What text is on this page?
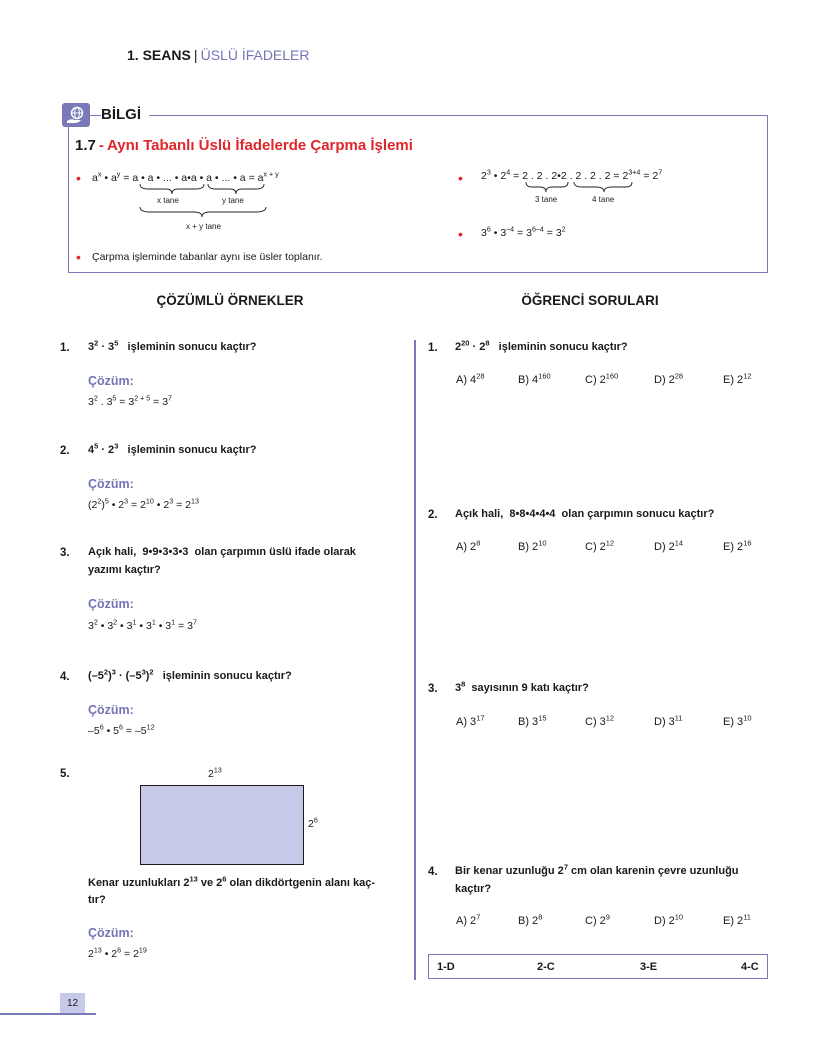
1. SEANS | ÜSLÜ İFADELER
BİLGİ
1.7 - Aynı Tabanlı Üslü İfadelerde Çarpma İşlemi
• $a^x$ • $a^y = a$ • a • ... • a•a • a • ... • $a = a^{x + y}$
x tane	y tane
x + y tane
• $2^3$ • $2^4 = 2$ . 2 . 2•2 . 2 . 2 . $2 = 2^{3+4} = 2^7$
3 tane	4 tane
• $3^6$ • $3^{-4} = 3^{6-4} = 3^2$
• Çarpma işleminde tabanlar aynı ise üsler toplanır.
ÇÖZÜMLÜ ÖRNEKLER	ÖĞRENCİ SORULARI
1. $3^2 \cdot 3^5$ işleminin sonucu kaçtır?
Çözüm:
$3^2$ . $3^5 = 3^{2 + 5} = 3^7$
2. $4^5 \cdot 2^3$ işleminin sonucu kaçtır?
Çözüm:
$(2^2)^5$ • $2^3 = 2^{10}$ • $2^3 = 2^{13}$
3. Açık hali, 9•9•3•3•3 olan çarpımın üslü ifade olarak
yazımı kaçtır?
Çözüm:
$3^2$ • $3^2$ • $3^1$ • $3^1$ • $3^1 = 3^7$
4. $(-5^2)^3 \cdot (-5^3)^2$ işleminin sonucu kaçtır?
Çözüm:
$-5^6$ • $5^6 = -5^{12}$
5.	$2^{13}$
$2^6$
Kenar uzunlukları $2^{13}$ ve $2^6$ olan dikdörtgenin alanı kaç-
tır?
Çözüm:
$2^{13}$ • $2^6 = 2^{19}$
1. $2^{20} \cdot 2^8$ işleminin sonucu kaçtır?
A) $4^{28}$	B) $4^{160}$	C) $2^{160}$	D) $2^{28}$	E) $2^{12}$
2. Açık hali, 8•8•4•4•4 olan çarpımın sonucu kaçtır?
A) $2^8$	B) $2^{10}$	C) $2^{12}$	D) $2^{14}$	E) $2^{16}$
3. $3^8$ sayısının 9 katı kaçtır?
A) $3^{17}$	B) $3^{15}$	C) $3^{12}$	D) $3^{11}$	E) $3^{10}$
4. Bir kenar uzunluğu $2^7$ cm olan karenin çevre uzunluğu
kaçtır?
A) $2^7$	B) $2^8$	C) $2^9$	D) $2^{10}$	E) $2^{11}$
1-D	2-C	3-E	4-C
12
